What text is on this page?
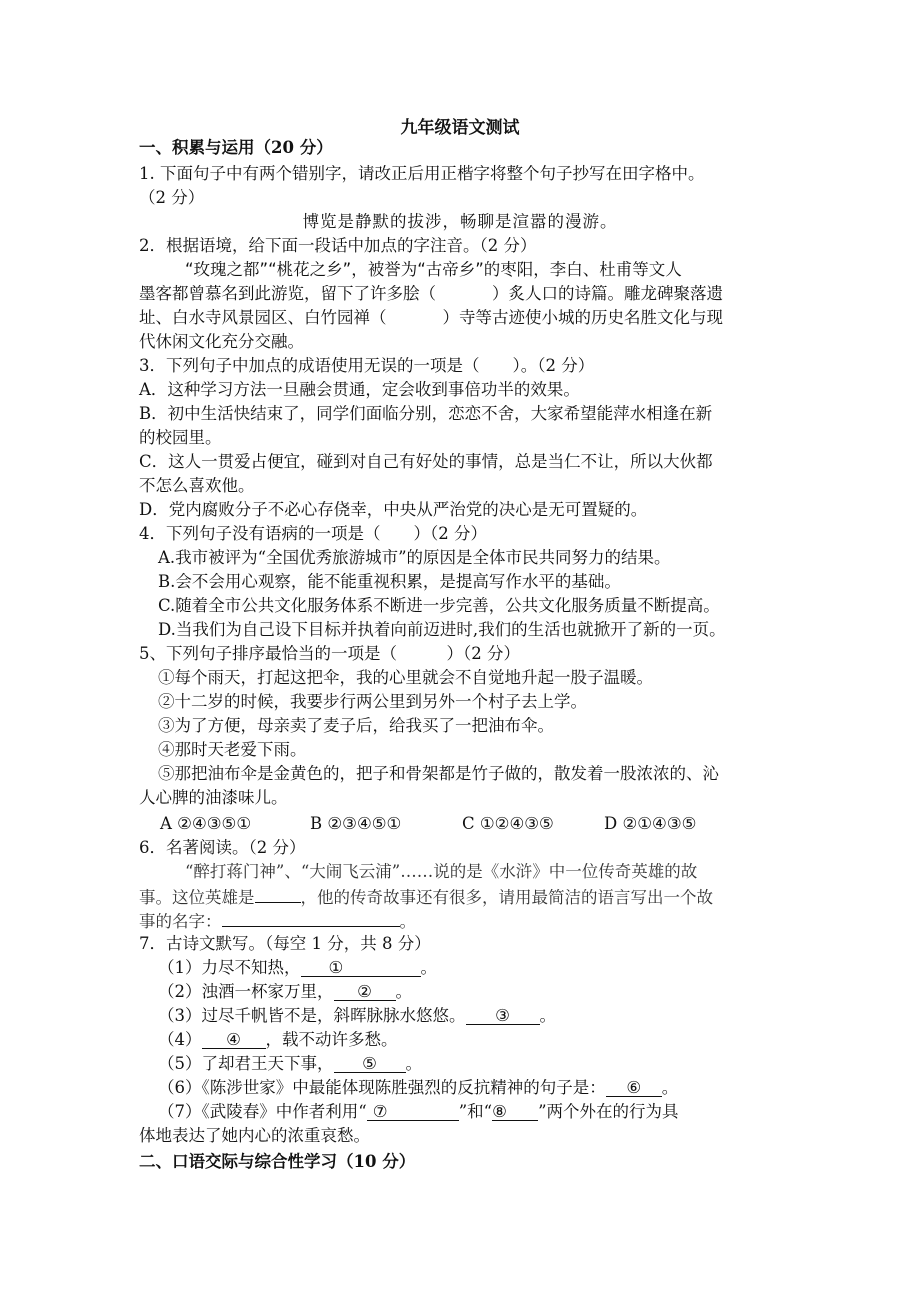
九年级语文测试
一、积累与运用（20 分）
1. 下面句子中有两个错别字，请改正后用正楷字将整个句子抄写在田字格中。
（2 分）
博览是静默的拔涉，畅聊是渲嚣的漫游。
2．根据语境，给下面一段话中加点的字注音。（2 分）
“玫瑰之都”“桃花之乡”，被誉为“古帝乡”的枣阳，李白、杜甫等文人
墨客都曾慕名到此游览，留下了许多脍（	）炙人口的诗篇。雕龙碑聚落遗
址、白水寺风景园区、白竹园禅（	）寺等古迹使小城的历史名胜文化与现
代休闲文化充分交融。
3．下列句子中加点的成语使用无误的一项是（　　）。（2 分）
A．这种学习方法一旦融会贯通，定会收到事倍功半的效果。
B．初中生活快结束了，同学们面临分别，恋恋不舍，大家希望能萍水相逢在新
的校园里。
C．这人一贯爱占便宜，碰到对自己有好处的事情，总是当仁不让，所以大伙都
不怎么喜欢他。
D．党内腐败分子不必心存侥幸，中央从严治党的决心是无可置疑的。
4．下列句子没有语病的一项是（　　）（2 分）
A.我市被评为“全国优秀旅游城市”的原因是全体市民共同努力的结果。
B.会不会用心观察，能不能重视积累，是提高写作水平的基础。
C.随着全市公共文化服务体系不断进一步完善，公共文化服务质量不断提高。
D.当我们为自己设下目标并执着向前迈进时,我们的生活也就掀开了新的一页。
5、下列句子排序最恰当的一项是（　　　）（2 分）
①每个雨天，打起这把伞，我的心里就会不自觉地升起一股子温暖。
②十二岁的时候，我要步行两公里到另外一个村子去上学。
③为了方便，母亲卖了麦子后，给我买了一把油布伞。
④那时天老爱下雨。
⑤那把油布伞是金黄色的，把子和骨架都是竹子做的，散发着一股浓浓的、沁
人心脾的油漆味儿。
A ②④③⑤①	B ②③④⑤①	C ①②④③⑤	D ②①④③⑤
6．名著阅读。（2 分）
“醉打蒋门神”、“大闹飞云浦”……说的是《水浒》中一位传奇英雄的故
事。这位英雄是	，他的传奇故事还有很多，请用最简洁的语言写出一个故
事的名字：	。
7．古诗文默写。（每空 1 分，共 8 分）
（1）力尽不知热， ①	。
（2）浊酒一杯家万里， ② 。
（3）过尽千帆皆不是，斜晖脉脉水悠悠。 ③ 。
（4） ④ ，载不动许多愁。
（5）了却君王天下事， ⑤ 。
（6）《陈涉世家》中最能体现陈胜强烈的反抗精神的句子是： ⑥ 。
（7）《武陵春》中作者利用“ ⑦	”和“⑧ ”两个外在的行为具
体地表达了她内心的浓重哀愁。
二、口语交际与综合性学习（10 分）
